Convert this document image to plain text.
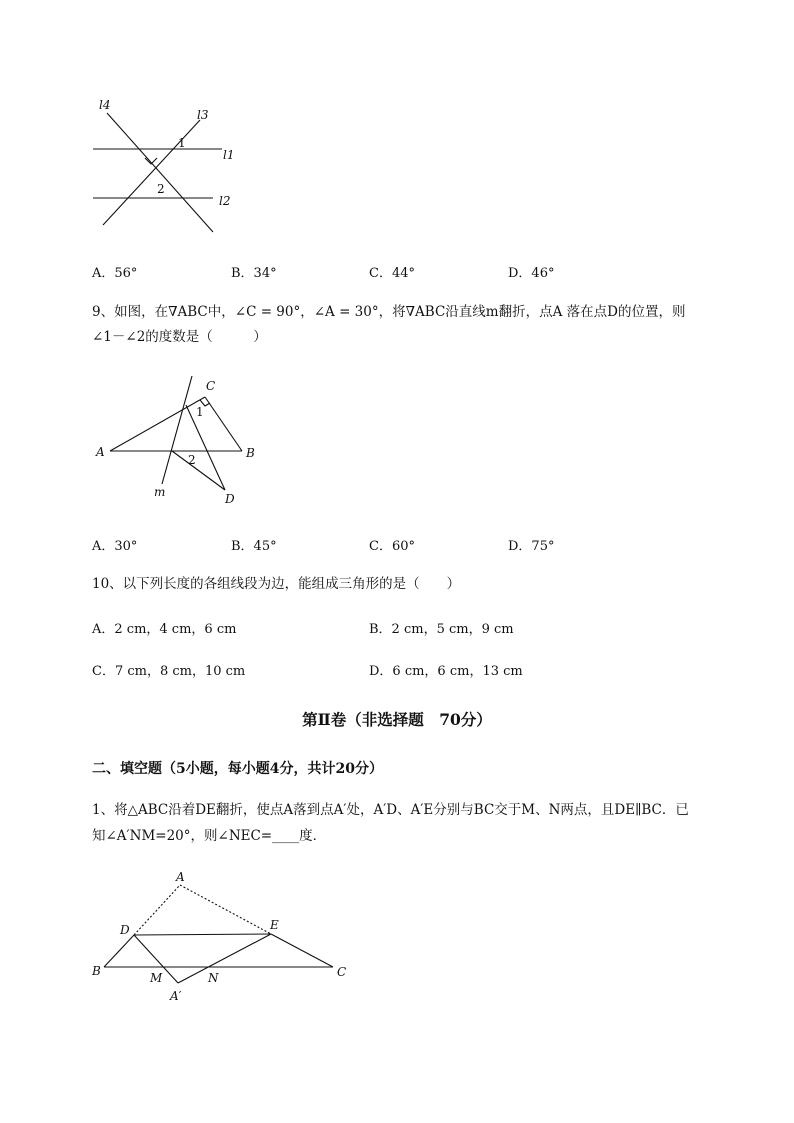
l4
l3
l1
l2
1
2
A．56°	B．34°	C．44°	D．46°
9、如图，在∇ABC中，∠C = 90°，∠A = 30°，将∇ABC沿直线m翻折，点A 落在点D的位置，则
∠1－∠2的度数是（　　　）
A	B
C
D
m
1
2
A．30°	B．45°	C．60°	D．75°
10、以下列长度的各组线段为边，能组成三角形的是（　　）
A．2 cm，4 cm，6 cm	B．2 cm，5 cm，9 cm
C．7 cm，8 cm，10 cm	D．6 cm，6 cm，13 cm
第Ⅱ卷（非选择题　70分）
二、填空题（5小题，每小题4分，共计20分）
1、将△ABC沿着DE翻折，使点A落到点A′处，A′D、A′E分别与BC交于M、N两点，且DE∥BC．已
知∠A′NM=20°，则∠NEC=____度．
A
B	C
D	E
M	N
A′
